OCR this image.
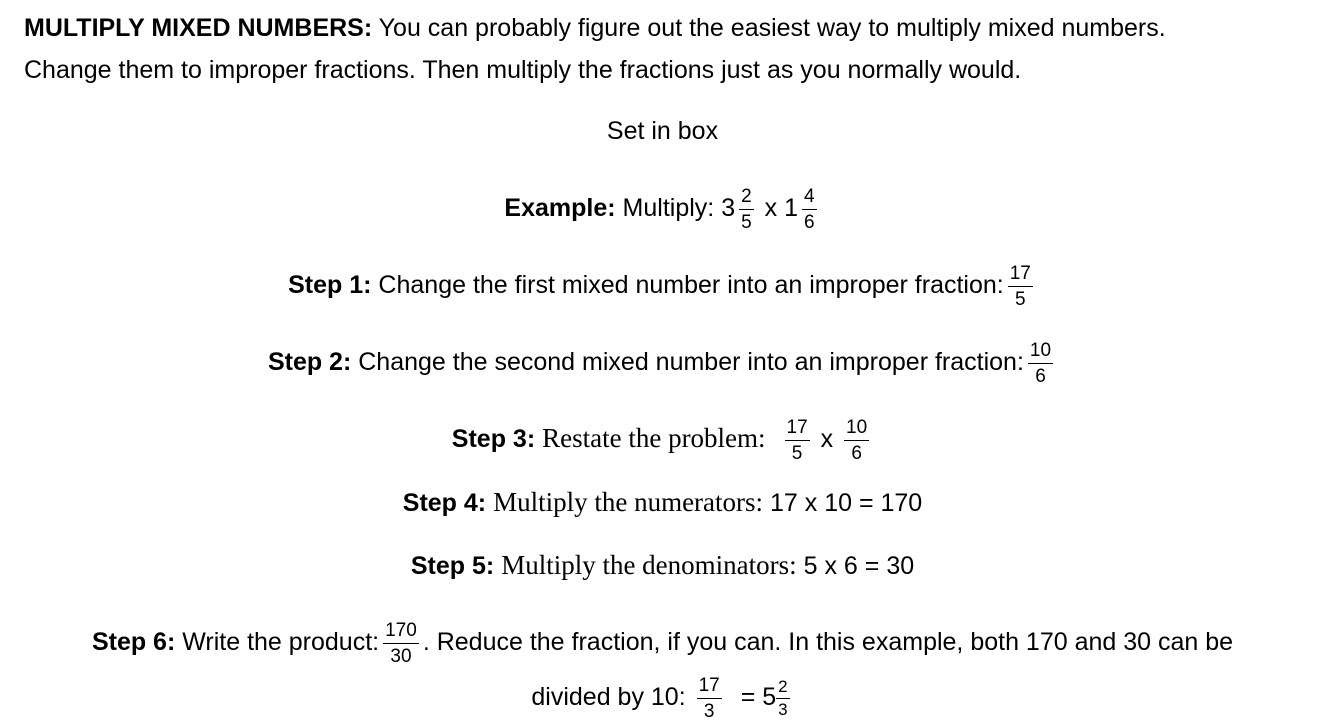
MULTIPLY MIXED NUMBERS: You can probably figure out the easiest way to multiply mixed numbers.
Change them to improper fractions. Then multiply the fractions just as you normally would.
Set in box
Example: Multiply: $3 \frac{2}{5}$ x $1 \frac{4}{6}$
Step 1: Change the first mixed number into an improper fraction: $\frac{17}{5}$
Step 2: Change the second mixed number into an improper fraction: $\frac{10}{6}$
Step 3: Restate the problem: $\frac{17}{5}$ x $\frac{10}{6}$
Step 4: Multiply the numerators: 17 x 10 = 170
Step 5: Multiply the denominators: 5 x 6 = 30
Step 6: Write the product: $\frac{170}{30}$ . Reduce the fraction, if you can. In this example, both 170 and 30 can be
divided by 10: $\frac{17}{3} = 5 \frac{2}{3}$
